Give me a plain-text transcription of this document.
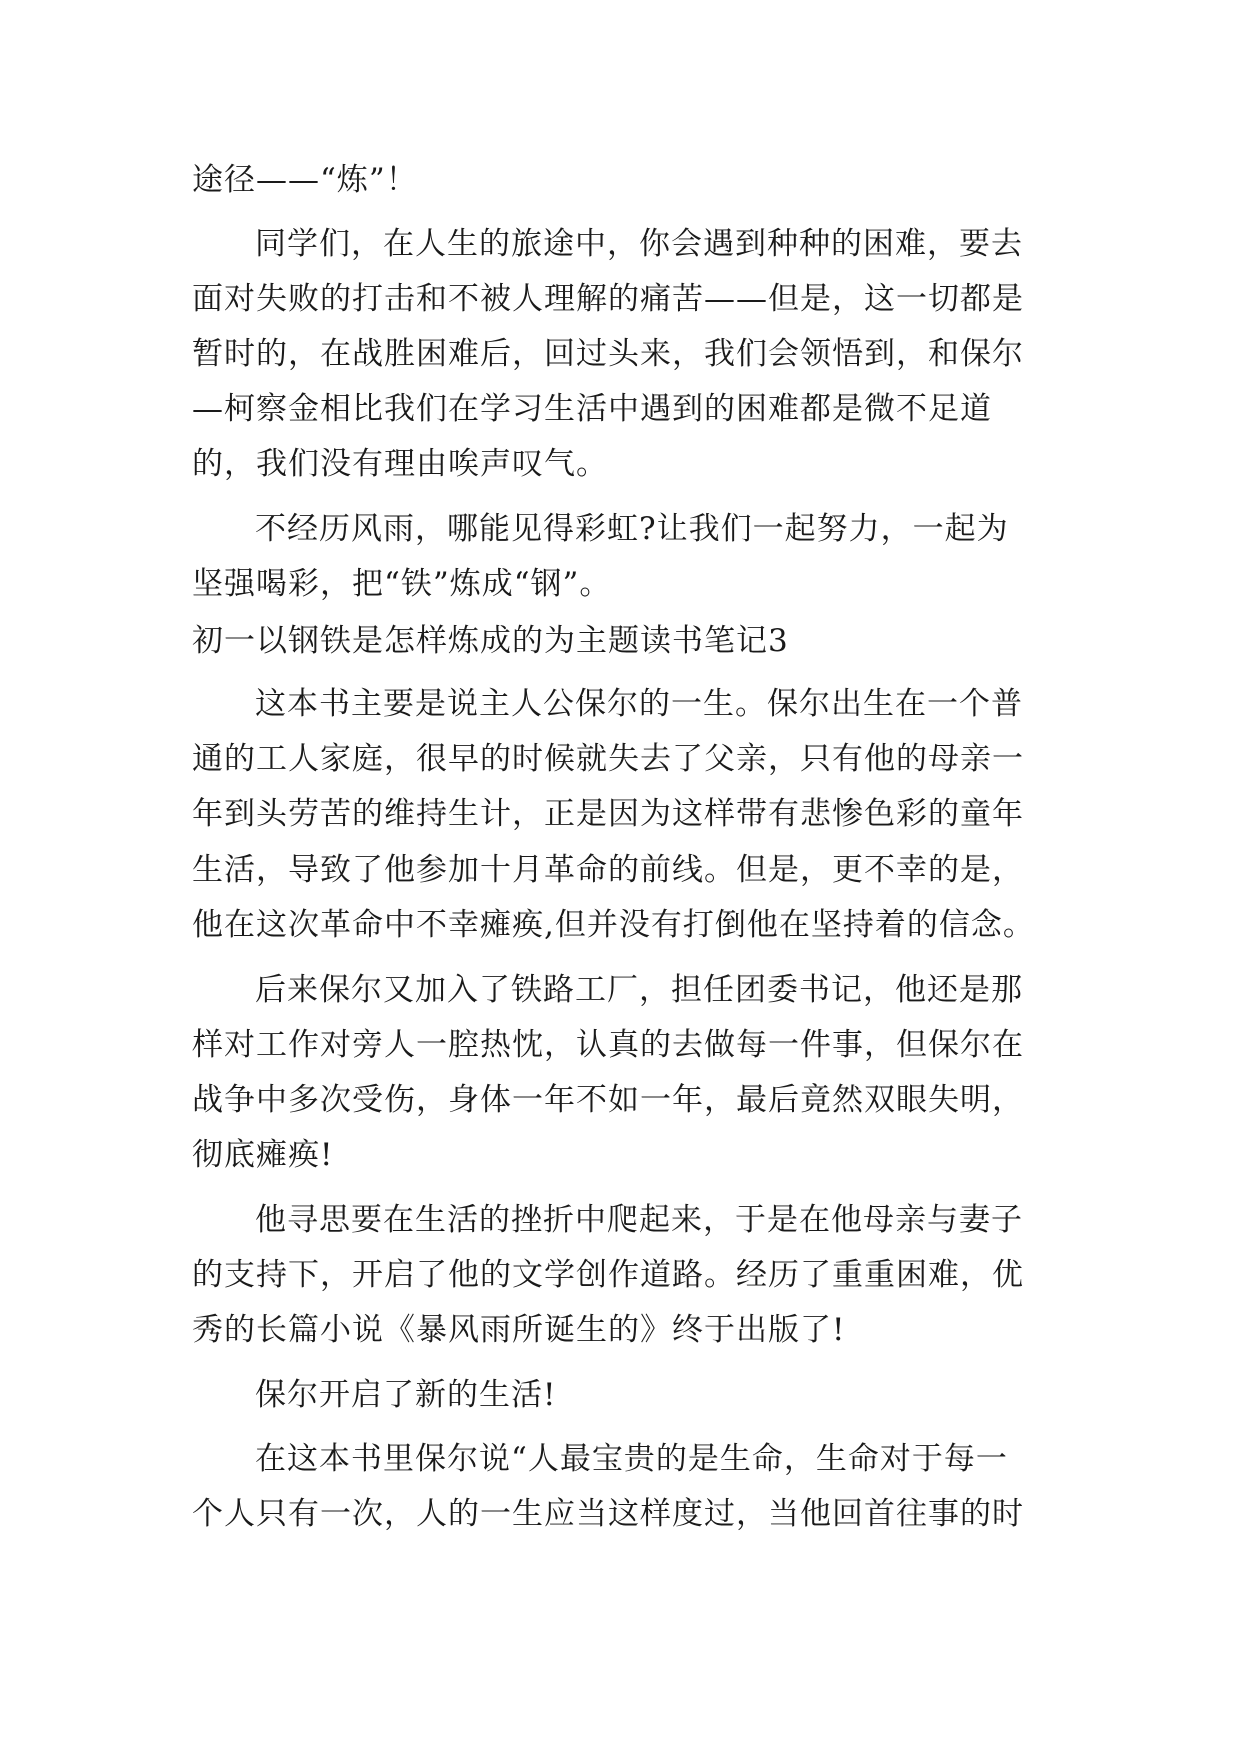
途径——“炼”！
同学们，在人生的旅途中，你会遇到种种的困难，要去
面对失败的打击和不被人理解的痛苦——但是，这一切都是
暂时的，在战胜困难后，回过头来，我们会领悟到，和保尔
—柯察金相比我们在学习生活中遇到的困难都是微不足道
的，我们没有理由唉声叹气。
不经历风雨，哪能见得彩虹?让我们一起努力，一起为
坚强喝彩，把“铁”炼成“钢”。
初一以钢铁是怎样炼成的为主题读书笔记3
这本书主要是说主人公保尔的一生。保尔出生在一个普
通的工人家庭，很早的时候就失去了父亲，只有他的母亲一
年到头劳苦的维持生计，正是因为这样带有悲惨色彩的童年
生活，导致了他参加十月革命的前线。但是，更不幸的是，
他在这次革命中不幸瘫痪,但并没有打倒他在坚持着的信念。
后来保尔又加入了铁路工厂，担任团委书记，他还是那
样对工作对旁人一腔热忱，认真的去做每一件事，但保尔在
战争中多次受伤，身体一年不如一年，最后竟然双眼失明，
彻底瘫痪!
他寻思要在生活的挫折中爬起来，于是在他母亲与妻子
的支持下，开启了他的文学创作道路。经历了重重困难，优
秀的长篇小说《暴风雨所诞生的》终于出版了!
保尔开启了新的生活!
在这本书里保尔说“人最宝贵的是生命，生命对于每一
个人只有一次，人的一生应当这样度过，当他回首往事的时
